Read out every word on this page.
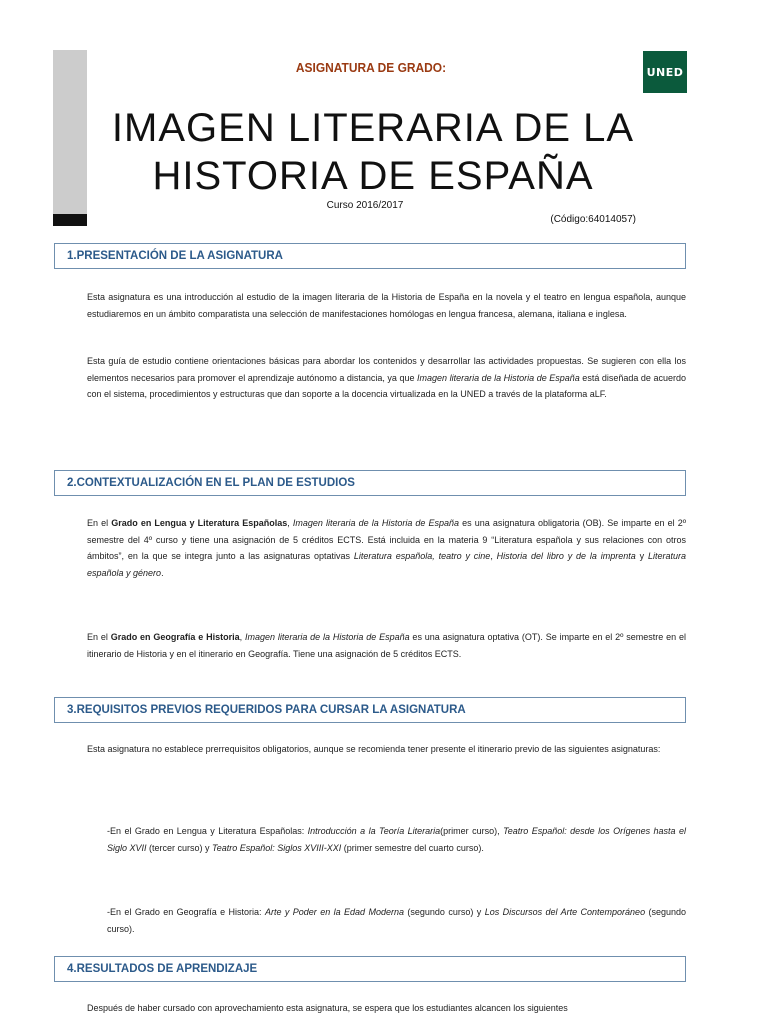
UNED
ASIGNATURA DE GRADO:
IMAGEN LITERARIA DE LA
HISTORIA DE ESPAÑA
Curso 2016/2017
(Código:64014057)
1.PRESENTACIÓN DE LA ASIGNATURA

Esta asignatura es una introducción al estudio de la imagen literaria de la Historia de España en la novela y el teatro en lengua española, aunque estudiaremos en un ámbito comparatista una selección de manifestaciones homólogas en lengua francesa, alemana, italiana e inglesa.

Esta guía de estudio contiene orientaciones básicas para abordar los contenidos y desarrollar las actividades propuestas. Se sugieren con ella los elementos necesarios para promover el aprendizaje autónomo a distancia, ya que Imagen literaria de la Historia de España está diseñada de acuerdo con el sistema, procedimientos y estructuras que dan soporte a la docencia virtualizada en la UNED a través de la plataforma aLF.

2.CONTEXTUALIZACIÓN EN EL PLAN DE ESTUDIOS

En el Grado en Lengua y Literatura Españolas, Imagen literaria de la Historia de España es una asignatura obligatoria (OB). Se imparte en el 2º semestre del 4º curso y tiene una asignación de 5 créditos ECTS. Está incluida en la materia 9 “Literatura española y sus relaciones con otros ámbitos”, en la que se integra junto a las asignaturas optativas Literatura española, teatro y cine, Historia del libro y de la imprenta y Literatura española y género.

En el Grado en Geografía e Historia, Imagen literaria de la Historia de España es una asignatura optativa (OT). Se imparte en el 2º semestre en el itinerario de Historia y en el itinerario en Geografía. Tiene una asignación de 5 créditos ECTS.

3.REQUISITOS PREVIOS REQUERIDOS PARA CURSAR LA ASIGNATURA

Esta asignatura no establece prerrequisitos obligatorios, aunque se recomienda tener presente el itinerario previo de las siguientes asignaturas:

-En el Grado en Lengua y Literatura Españolas: Introducción a la Teoría Literaria(primer curso), Teatro Español: desde los Orígenes hasta el Siglo XVII (tercer curso) y Teatro Español: Siglos XVIII-XXI (primer semestre del cuarto curso).

-En el Grado en Geografía e Historia: Arte y Poder en la Edad Moderna (segundo curso) y Los Discursos del Arte Contemporáneo (segundo curso).

4.RESULTADOS DE APRENDIZAJE

Después de haber cursado con aprovechamiento esta asignatura, se espera que los estudiantes alcancen los siguientes
